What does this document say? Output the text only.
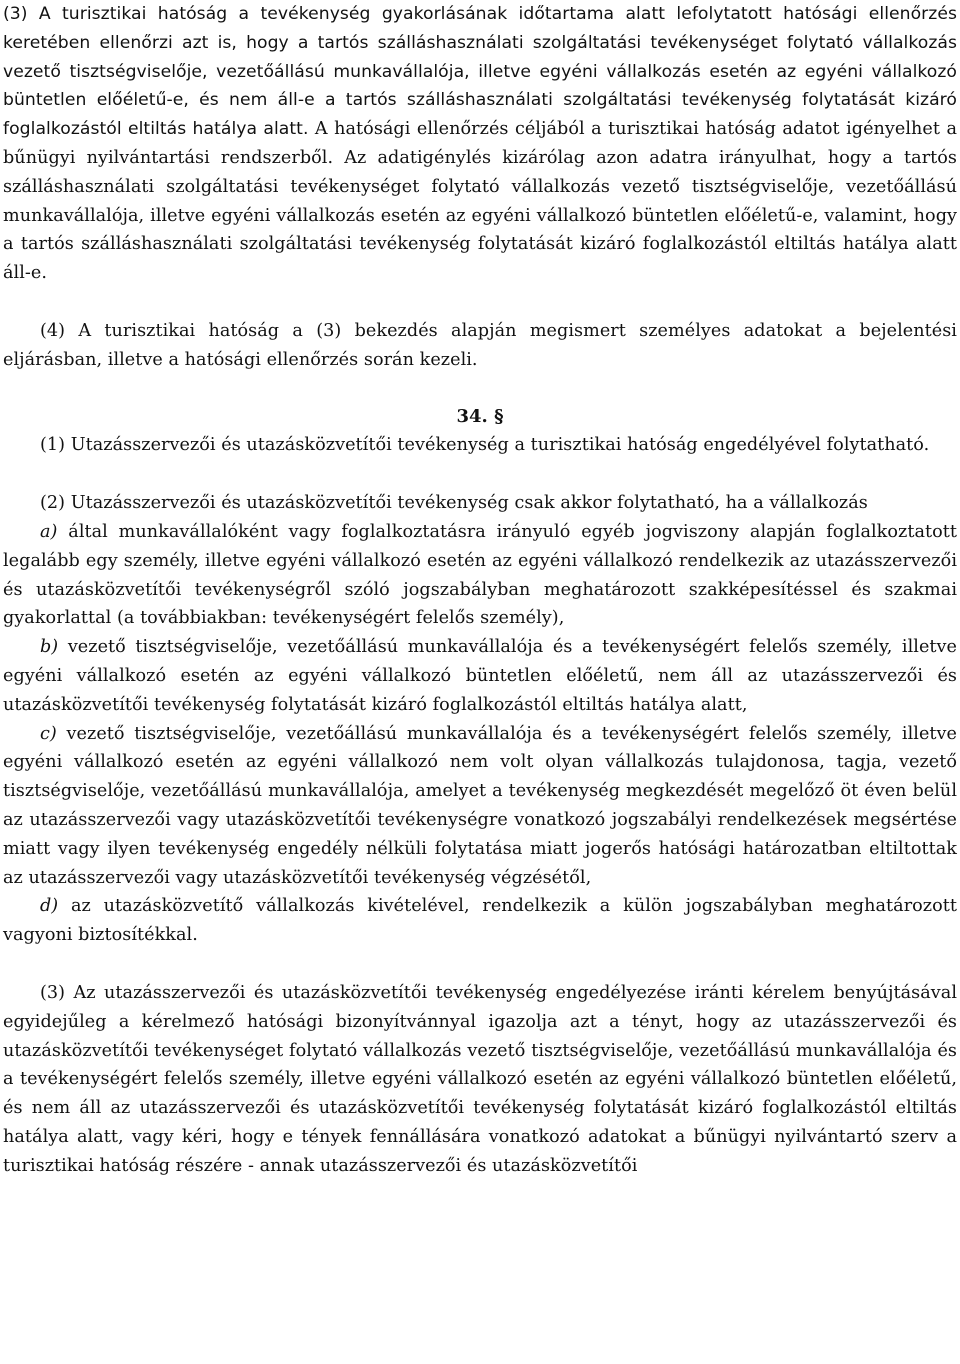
(3) A turisztikai hatóság a tevékenység gyakorlásának időtartama alatt lefolytatott hatósági ellenőrzés keretében ellenőrzi azt is, hogy a tartós szálláshasználati szolgáltatási tevékenységet folytató vállalkozás vezető tisztségviselője, vezetőállású munkavállalója, illetve egyéni vállalkozás esetén az egyéni vállalkozó büntetlen előéletű-e, és nem áll-e a tartós szálláshasználati szolgáltatási tevékenység folytatását kizáró foglalkozástól eltiltás hatálya alatt. A hatósági ellenőrzés céljából a turisztikai hatóság adatot igényelhet a bűnügyi nyilvántartási rendszerből. Az adatigénylés kizárólag azon adatra irányulhat, hogy a tartós szálláshasználati szolgáltatási tevékenységet folytató vállalkozás vezető tisztségviselője, vezetőállású munkavállalója, illetve egyéni vállalkozás esetén az egyéni vállalkozó büntetlen előéletű-e, valamint, hogy a tartós szálláshasználati szolgáltatási tevékenység folytatását kizáró foglalkozástól eltiltás hatálya alatt áll-e.

(4) A turisztikai hatóság a (3) bekezdés alapján megismert személyes adatokat a bejelentési eljárásban, illetve a hatósági ellenőrzés során kezeli.

34. §

(1) Utazásszervezői és utazásközvetítői tevékenység a turisztikai hatóság engedélyével folytatható.

(2) Utazásszervezői és utazásközvetítői tevékenység csak akkor folytatható, ha a vállalkozás

a) által munkavállalóként vagy foglalkoztatásra irányuló egyéb jogviszony alapján foglalkoztatott legalább egy személy, illetve egyéni vállalkozó esetén az egyéni vállalkozó rendelkezik az utazásszervezői és utazásközvetítői tevékenységről szóló jogszabályban meghatározott szakképesítéssel és szakmai gyakorlattal (a továbbiakban: tevékenységért felelős személy),

b) vezető tisztségviselője, vezetőállású munkavállalója és a tevékenységért felelős személy, illetve egyéni vállalkozó esetén az egyéni vállalkozó büntetlen előéletű, nem áll az utazásszervezői és utazásközvetítői tevékenység folytatását kizáró foglalkozástól eltiltás hatálya alatt,

c) vezető tisztségviselője, vezetőállású munkavállalója és a tevékenységért felelős személy, illetve egyéni vállalkozó esetén az egyéni vállalkozó nem volt olyan vállalkozás tulajdonosa, tagja, vezető tisztségviselője, vezetőállású munkavállalója, amelyet a tevékenység megkezdését megelőző öt éven belül az utazásszervezői vagy utazásközvetítői tevékenységre vonatkozó jogszabályi rendelkezések megsértése miatt vagy ilyen tevékenység engedély nélküli folytatása miatt jogerős hatósági határozatban eltiltottak az utazásszervezői vagy utazásközvetítői tevékenység végzésétől,

d) az utazásközvetítő vállalkozás kivételével, rendelkezik a külön jogszabályban meghatározott vagyoni biztosítékkal.

(3) Az utazásszervezői és utazásközvetítői tevékenység engedélyezése iránti kérelem benyújtásával egyidejűleg a kérelmező hatósági bizonyítvánnyal igazolja azt a tényt, hogy az utazásszervezői és utazásközvetítői tevékenységet folytató vállalkozás vezető tisztségviselője, vezetőállású munkavállalója és a tevékenységért felelős személy, illetve egyéni vállalkozó esetén az egyéni vállalkozó büntetlen előéletű, és nem áll az utazásszervezői és utazásközvetítői tevékenység folytatását kizáró foglalkozástól eltiltás hatálya alatt, vagy kéri, hogy e tények fennállására vonatkozó adatokat a bűnügyi nyilvántartó szerv a turisztikai hatóság részére - annak utazásszervezői és utazásközvetítői
